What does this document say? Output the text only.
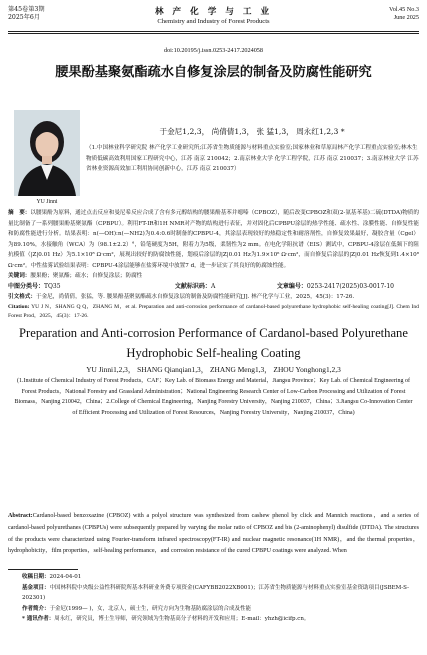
第45卷第3期
2025年6月
林 产 化 学 与 工 业
Chemistry and Industry of Forest Products
Vol.45 No.3
June 2025
doi:10.20195/j.issn.0253-2417.2024058
腰果酚基聚氨酯疏水自修复涂层的制备及防腐性能研究
YU Jinni
于金尼1,2,3， 尚倩倩1,3， 张 猛1,3， 周永红1,2,3 *
（1.中国林业科学研究院 林产化学工业研究所;江苏省生物质能源与材料重点实验室;国家林业和草原局林产化学工程重点实验室;林木生物质低碳高效利用国家工程研究中心，江苏 南京 210042；2.南京林业大学 化学工程学院，江苏 南京 210037；3.南京林业大学 江苏省林业资源高效加工利用协同创新中心，江苏 南京 210037）
摘　要：以腰果酚为原料，通过点击反应和曼尼希反应合成了含有多元醇结构的腰果酚基苯并噁嗪（CPBOZ），随后改变CPBOZ和双(2-氨基苯基)二硫(DTDA)物质的量比制备了一系列腰果酚基聚氨酯（CPBPU）。利用FT-IR和1H NMR对产物的结构进行表征，并对固化后CPBPU涂层的热学性能、疏水性、涂膜性能、自修复性能和防腐性能进行分析。结果表明：n(—OH):n(—NH2)为0.4:0.6时制备的CPBPU-4，其涂层表现较好的热稳定性和耐溶剂性，自修复效果最好，凝胶含量（Cgel）为89.10%，水接触角（WCA）为（98.1±2.2）°，铅笔硬度为5H，附着力为5级，柔韧性为2 mm。在电化学阻抗谱（EIS）测试中，CPBPU-4涂层在低频下的阻抗模值（|Z|0.01 Hz）为5.1×10⁸ Ω·cm²，展现出较好的防腐蚀性能，划痕后涂层的|Z|0.01 Hz为1.9×10⁶ Ω·cm²，而自修复后涂层的|Z|0.01 Hz恢复到1.4×10⁸ Ω·cm²。中性盐雾试验结果表明：CPBPU-4涂层能够在盐雾环境中放置7 d，进一步证实了其良好的防腐蚀性能。
关键词：腰果酚；聚氨酯；疏水；自修复涂层；防腐性
中图分类号：TQ35	文献标识码：A	文章编号：0253-2417(2025)03-0017-10
引文格式：于金尼，尚倩倩，张猛，等. 腰果酚基聚氨酯疏水自修复涂层的制备及防腐性能研究[J]. 林产化学与工业，2025，45(3)：17-26.
Citation: YU J N，SHANG Q Q，ZHANG M，et al. Preparation and anti-corrosion performance of cardanol-based polyurethane hydrophobic self-healing coating[J]. Chem Ind Forest Prod，2025，45(3)：17-26.
Preparation and Anti-corrosion Performance of Cardanol-based Polyurethane Hydrophobic Self-healing Coating
YU Jinni1,2,3， SHANG Qianqian1,3， ZHANG Meng1,3， ZHOU Yonghong1,2,3
(1.Institute of Chemical Industry of Forest Products，CAF；Key Lab. of Biomass Energy and Material，Jiangsu Province；Key Lab. of Chemical Engineering of Forest Products，National Forestry and Grassland Administration；National Engineering Research Center of Low-Carbon Processing and Utilization of Forest Biomass，Nanjing 210042，China；2.College of Chemical Engineering，Nanjing Forestry University，Nanjing 210037，China；3.Jiangsu Co-Innovation Center of Efficient Processing and Utilization of Forest Resources，Nanjing Forestry University，Nanjing 210037，China)
Abstract:Cardanol-based benzoxazine (CPBOZ) with a polyol structure was synthesized from cashew phenol by click and Mannich reactions，and a series of cardanol-based polyurethanes (CPBPUs) were subsequently prepared by varying the molar ratio of CPBOZ and bis (2-aminophenyl) disulfide (DTDA). The structures of the products were characterized using Fourier-transform infrared spectroscopy(FT-IR) and nuclear magnetic resonance(1H NMR)，and the thermal properties，hydrophobicity，film properties，self-healing performance，and corrosion resistance of the cured CPBPU coatings were analyzed. When
收稿日期：2024-04-01
基金项目：中国林科院中央级公益性科研院所基本科研业务费专项资金(CAFYBB2022XB001)；江苏省生物质能源与材料重点实验室基金资助项目(JSBEM-S-202301)
作者简介：于金尼(1999— )，女，北京人，硕士生，研究方向为生物基防腐涂层的合成及性能
* 通讯作者：周永红，研究员，博士生导师，研究领域为生物基高分子材料的开发和应用；E-mail：yhzh@icifp.cn。
